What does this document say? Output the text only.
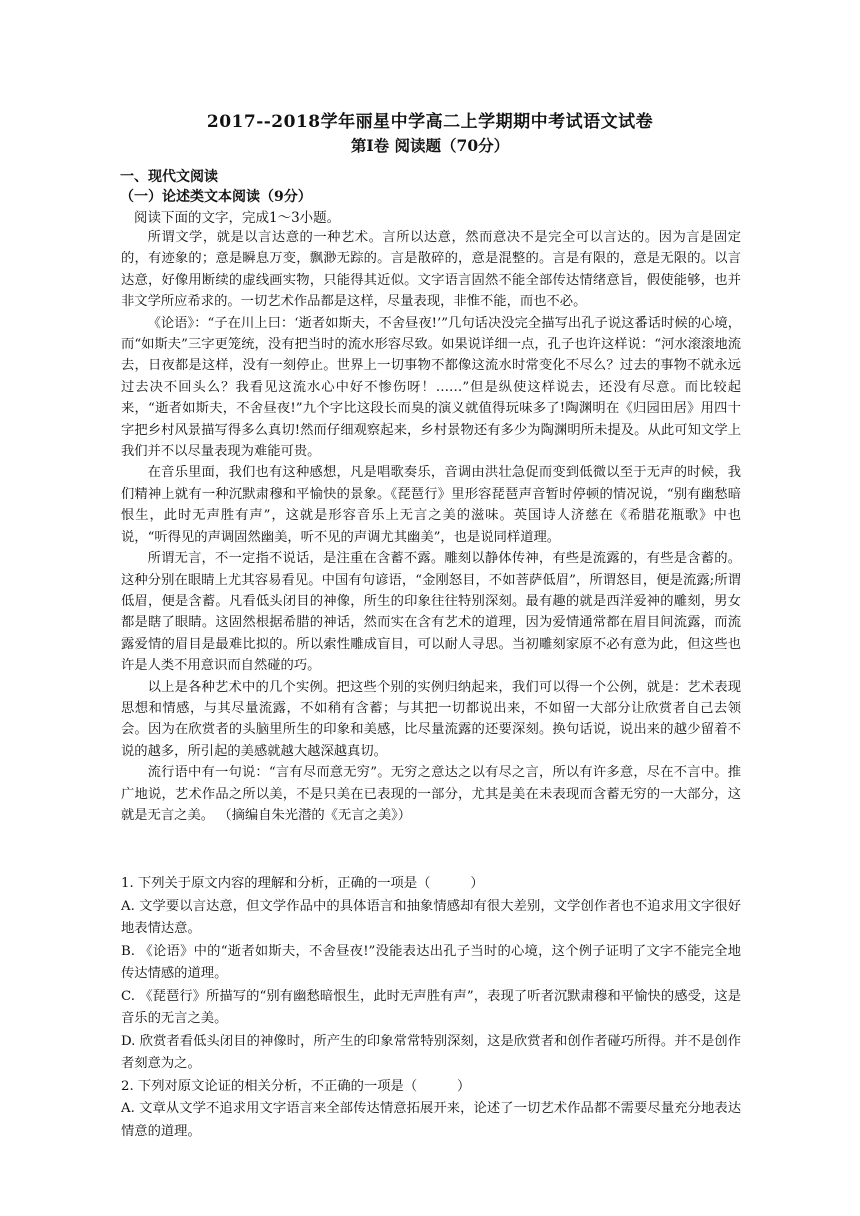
2017--2018学年丽星中学高二上学期期中考试语文试卷
第Ⅰ卷 阅读题（70分）
一、现代文阅读
（一）论述类文本阅读（9分）
阅读下面的文字，完成1～3小题。

所谓文学，就是以言达意的一种艺术。言所以达意，然而意决不是完全可以言达的。因为言是固定的，有迹象的；意是瞬息万变，飘渺无踪的。言是散碎的，意是混整的。言是有限的，意是无限的。以言达意，好像用断续的虚线画实物，只能得其近似。文字语言固然不能全部传达情绪意旨，假使能够，也并非文学所应希求的。一切艺术作品都是这样，尽量表现，非惟不能，而也不必。

《论语》：“子在川上曰：‘逝者如斯夫，不舍昼夜!’”几句话决没完全描写出孔子说这番话时候的心境，而“如斯夫”三字更笼统，没有把当时的流水形容尽致。如果说详细一点，孔子也许这样说：“河水滚滚地流去，日夜都是这样，没有一刻停止。世界上一切事物不都像这流水时常变化不尽么？过去的事物不就永远过去决不回头么？我看见这流水心中好不惨伤呀！……”但是纵使这样说去，还没有尽意。而比较起来，“逝者如斯夫，不舍昼夜!”九个字比这段长而臭的演义就值得玩味多了!陶渊明在《归园田居》用四十字把乡村风景描写得多么真切!然而仔细观察起来，乡村景物还有多少为陶渊明所未提及。从此可知文学上我们并不以尽量表现为难能可贵。

在音乐里面，我们也有这种感想，凡是唱歌奏乐，音调由洪壮急促而变到低微以至于无声的时候，我们精神上就有一种沉默肃穆和平愉快的景象。《琵琶行》里形容琵琶声音暂时停顿的情况说，“别有幽愁暗恨生，此时无声胜有声”，这就是形容音乐上无言之美的滋味。英国诗人济慈在《希腊花瓶歌》中也说，“听得见的声调固然幽美，听不见的声调尤其幽美”，也是说同样道理。

所谓无言，不一定指不说话，是注重在含蓄不露。雕刻以静体传神，有些是流露的，有些是含蓄的。这种分别在眼睛上尤其容易看见。中国有句谚语，“金刚怒目，不如菩萨低眉”，所谓怒目，便是流露;所谓低眉，便是含蓄。凡看低头闭目的神像，所生的印象往往特别深刻。最有趣的就是西洋爱神的雕刻，男女都是瞎了眼睛。这固然根据希腊的神话，然而实在含有艺术的道理，因为爱情通常都在眉目间流露，而流露爱情的眉目是最难比拟的。所以索性雕成盲目，可以耐人寻思。当初雕刻家原不必有意为此，但这些也许是人类不用意识而自然碰的巧。

以上是各种艺术中的几个实例。把这些个别的实例归纳起来，我们可以得一个公例，就是：艺术表现思想和情感，与其尽量流露，不如稍有含蓄；与其把一切都说出来，不如留一大部分让欣赏者自己去领会。因为在欣赏者的头脑里所生的印象和美感，比尽量流露的还要深刻。换句话说，说出来的越少留着不说的越多，所引起的美感就越大越深越真切。

流行语中有一句说：“言有尽而意无穷”。无穷之意达之以有尽之言，所以有许多意，尽在不言中。推广地说，艺术作品之所以美，不是只美在已表现的一部分，尤其是美在未表现而含蓄无穷的一大部分，这就是无言之美。 （摘编自朱光潜的《无言之美》）

1. 下列关于原文内容的理解和分析，正确的一项是（　　　）
A. 文学要以言达意，但文学作品中的具体语言和抽象情感却有很大差别，文学创作者也不追求用文字很好地表情达意。
B. 《论语》中的“逝者如斯夫，不舍昼夜!”没能表达出孔子当时的心境，这个例子证明了文字不能完全地传达情感的道理。
C. 《琵琶行》所描写的“别有幽愁暗恨生，此时无声胜有声”，表现了听者沉默肃穆和平愉快的感受，这是音乐的无言之美。
D. 欣赏者看低头闭目的神像时，所产生的印象常常特别深刻，这是欣赏者和创作者碰巧所得。并不是创作者刻意为之。
2. 下列对原文论证的相关分析，不正确的一项是（　　　）
A. 文章从文学不追求用文字语言来全部传达情意拓展开来，论述了一切艺术作品都不需要尽量充分地表达情意的道理。
